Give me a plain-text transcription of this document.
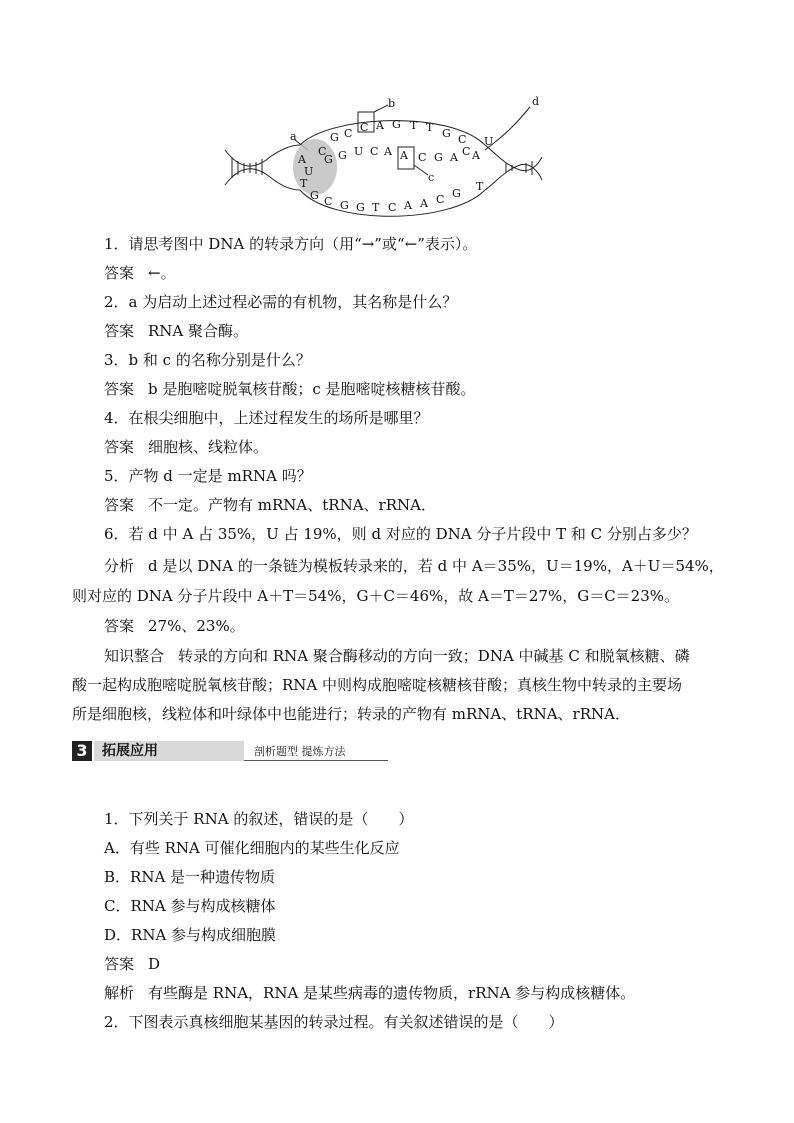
a
b
c
d
G C C A G T T G C
A
U
C
G G U C A A C G A
G C G G T C A A C G
T
T
C A
U
1．请思考图中 DNA 的转录方向（用“→”或“←”表示）。
答案 ←。
2．a 为启动上述过程必需的有机物，其名称是什么？
答案 RNA 聚合酶。
3．b 和 c 的名称分别是什么？
答案 b 是胞嘧啶脱氧核苷酸；c 是胞嘧啶核糖核苷酸。
4．在根尖细胞中，上述过程发生的场所是哪里？
答案 细胞核、线粒体。
5．产物 d 一定是 mRNA 吗？
答案 不一定。产物有 mRNA、tRNA、rRNA．
6．若 d 中 A 占 35%，U 占 19%，则 d 对应的 DNA 分子片段中 T 和 C 分别占多少？
分析 d 是以 DNA 的一条链为模板转录来的，若 d 中 A＝35%，U＝19%，A＋U＝54%，
则对应的 DNA 分子片段中 A＋T＝54%，G＋C＝46%，故 A＝T＝27%，G＝C＝23%。
答案 27%、23%。
知识整合 转录的方向和 RNA 聚合酶移动的方向一致；DNA 中碱基 C 和脱氧核糖、磷
酸一起构成胞嘧啶脱氧核苷酸；RNA 中则构成胞嘧啶核糖核苷酸；真核生物中转录的主要场
所是细胞核，线粒体和叶绿体中也能进行；转录的产物有 mRNA、tRNA、rRNA．
3	拓展应用	剖析题型 提炼方法
1．下列关于 RNA 的叙述，错误的是（　　）
A．有些 RNA 可催化细胞内的某些生化反应
B．RNA 是一种遗传物质
C．RNA 参与构成核糖体
D．RNA 参与构成细胞膜
答案 D
解析 有些酶是 RNA，RNA 是某些病毒的遗传物质，rRNA 参与构成核糖体。
2．下图表示真核细胞某基因的转录过程。有关叙述错误的是（　　）
